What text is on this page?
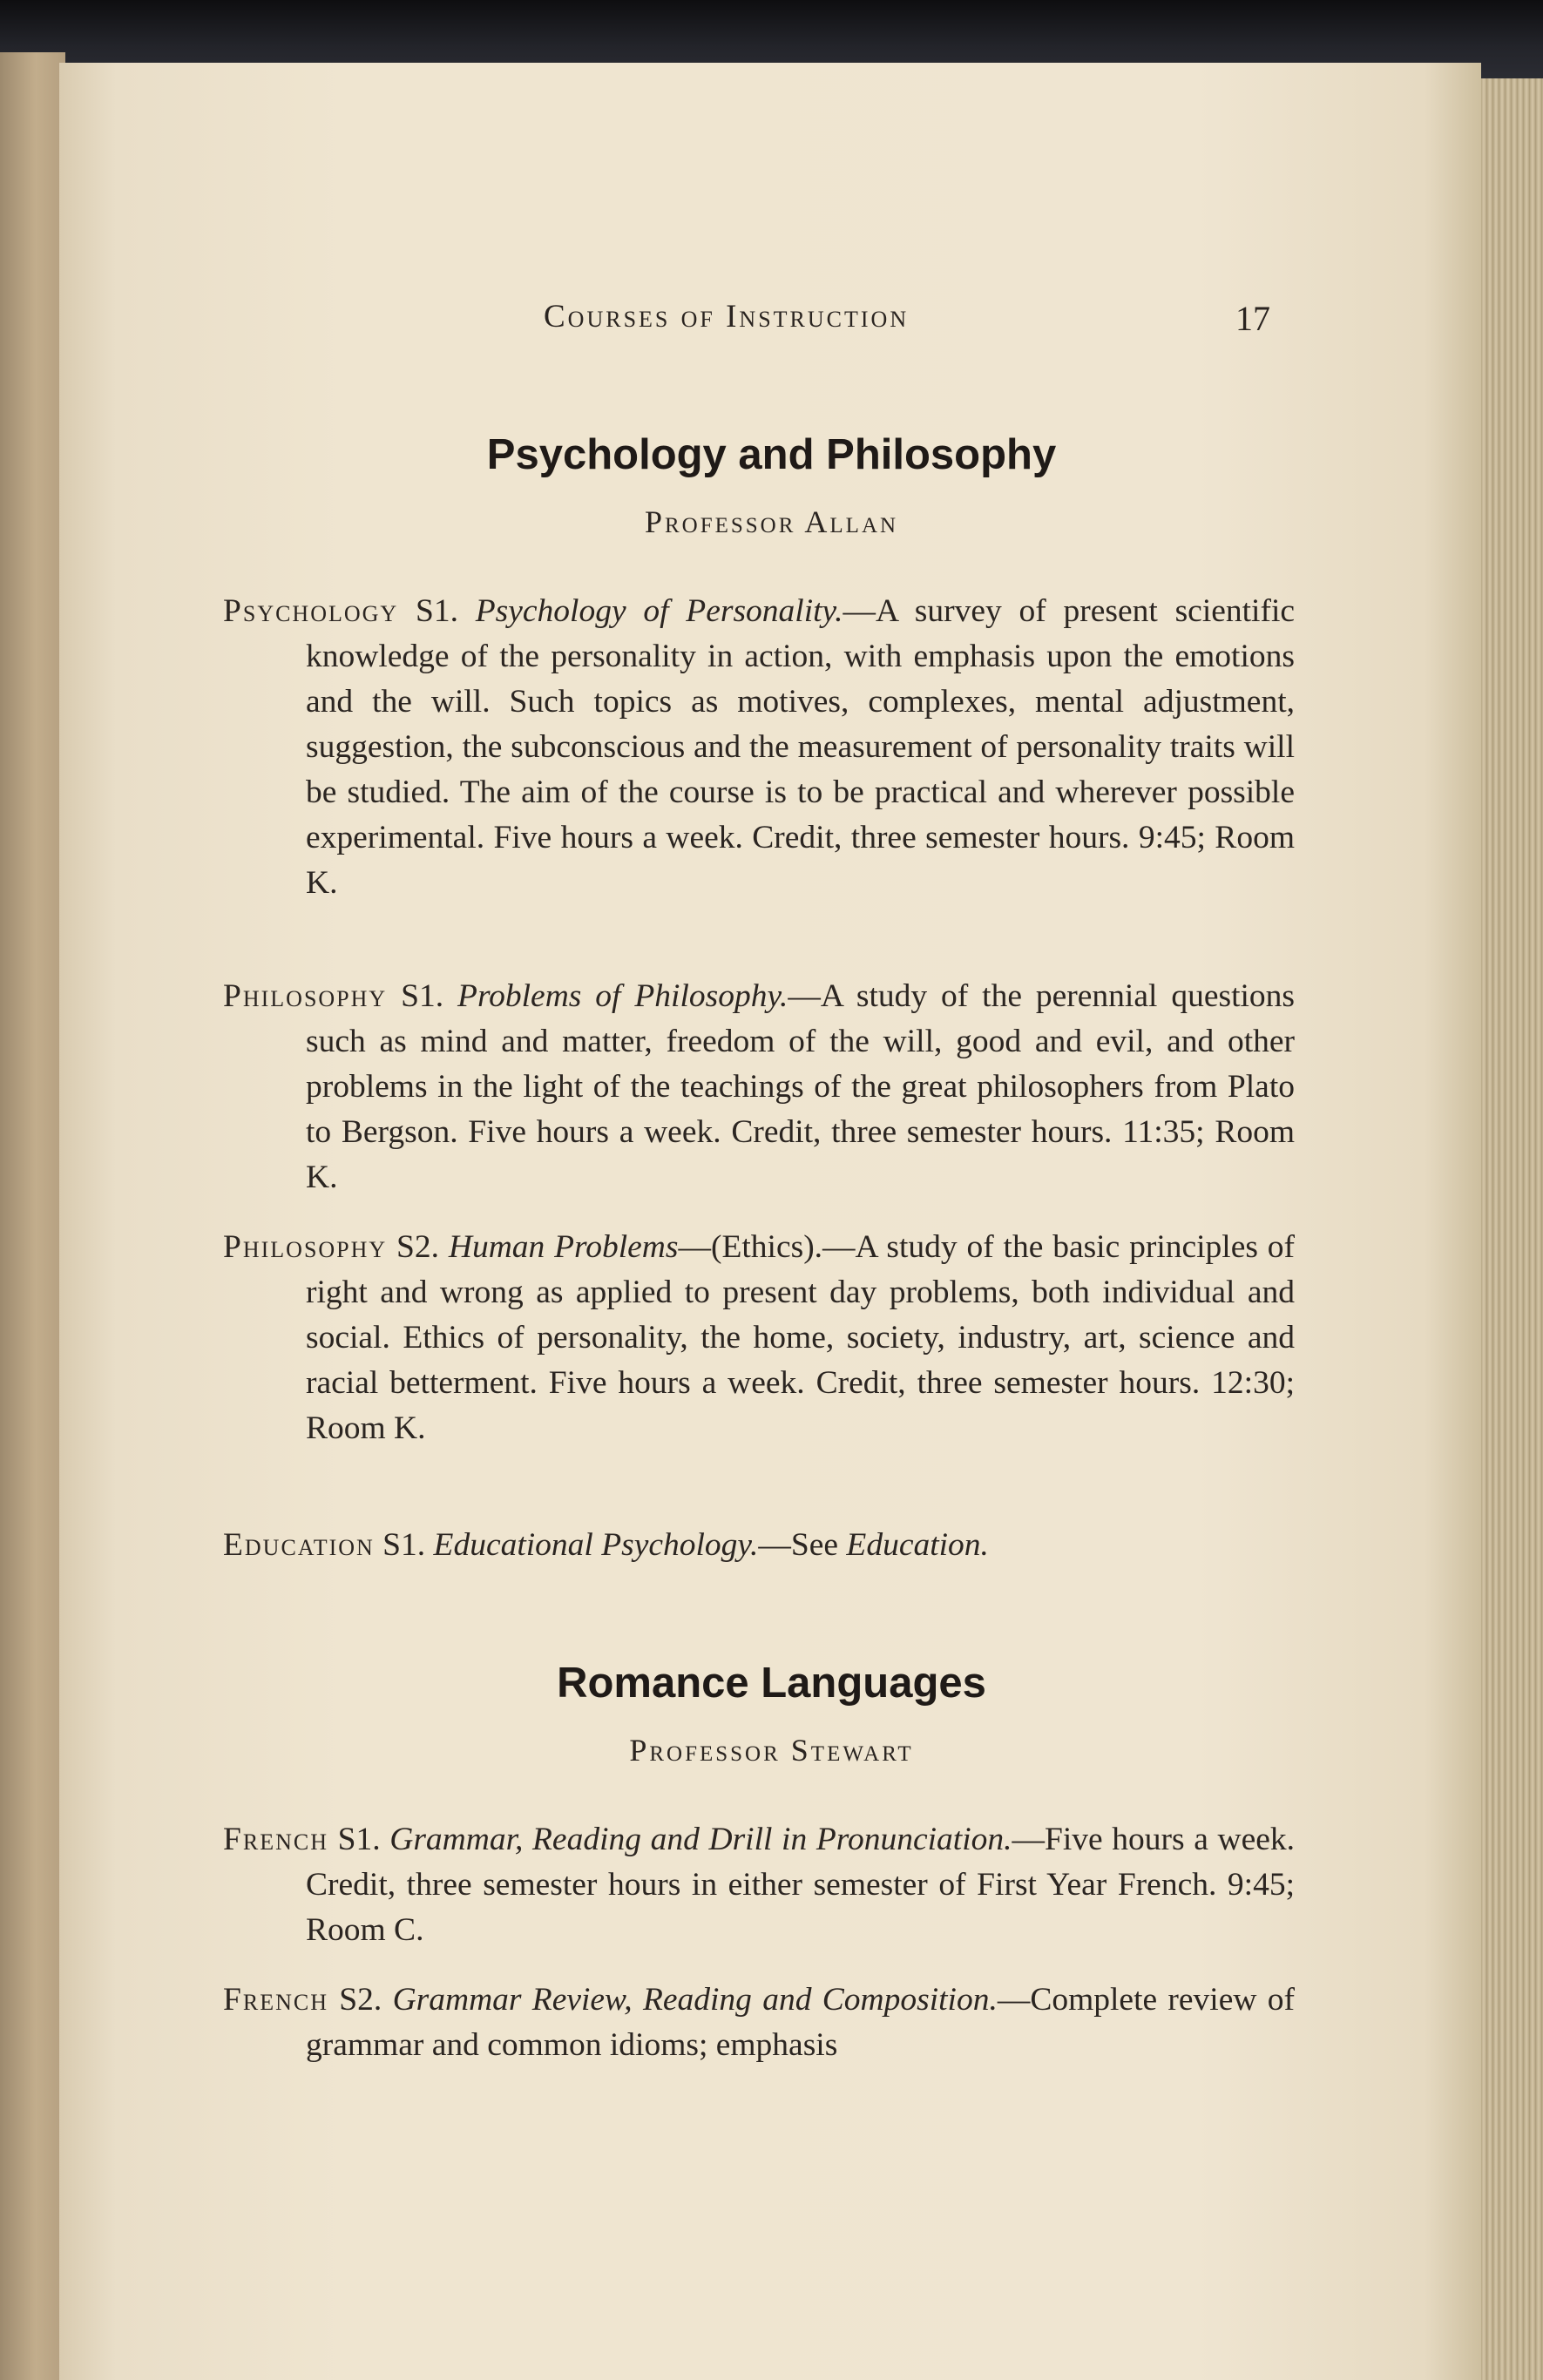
Courses of Instruction	17
Psychology and Philosophy
Professor Allan

Psychology S1. Psychology of Personality.—A survey of present scientific knowledge of the personality in action, with emphasis upon the emotions and the will. Such topics as motives, complexes, mental adjustment, suggestion, the subconscious and the measurement of personality traits will be studied. The aim of the course is to be practical and wherever possible experimental. Five hours a week. Credit, three semester hours. 9:45; Room K.

Philosophy S1. Problems of Philosophy.—A study of the perennial questions such as mind and matter, freedom of the will, good and evil, and other problems in the light of the teachings of the great philosophers from Plato to Bergson. Five hours a week. Credit, three semester hours. 11:35; Room K.

Philosophy S2. Human Problems—(Ethics).—A study of the basic principles of right and wrong as applied to present day problems, both individual and social. Ethics of personality, the home, society, industry, art, science and racial betterment. Five hours a week. Credit, three semester hours. 12:30; Room K.

Education S1. Educational Psychology.—See Education.

Romance Languages
Professor Stewart

French S1. Grammar, Reading and Drill in Pronunciation.—Five hours a week. Credit, three semester hours in either semester of First Year French. 9:45; Room C.

French S2. Grammar Review, Reading and Composition.—Complete review of grammar and common idioms; emphasis
